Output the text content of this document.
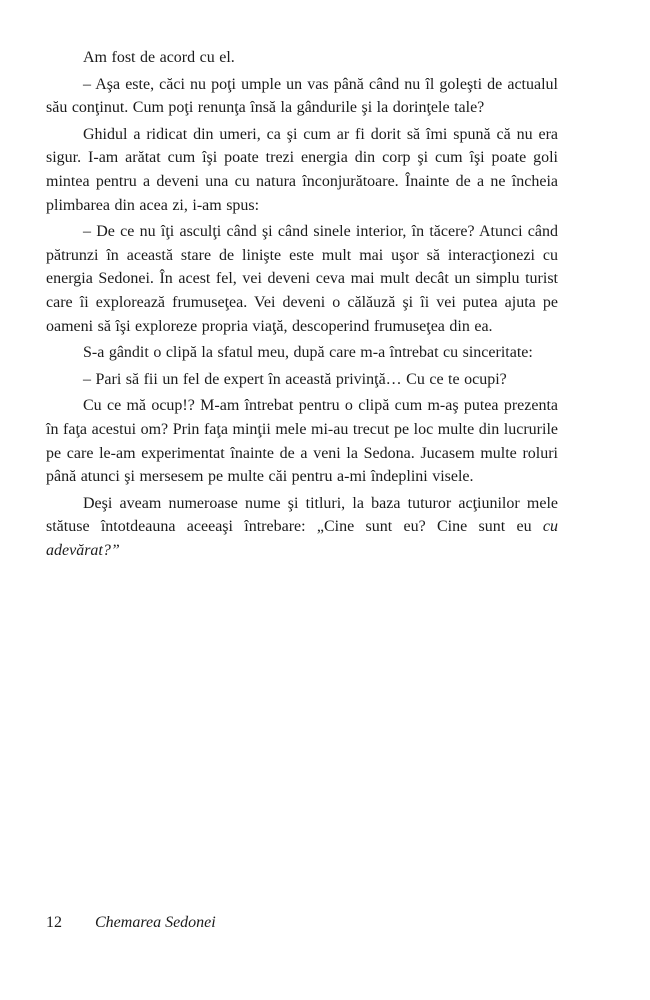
Am fost de acord cu el.

– Aşa este, căci nu poţi umple un vas până când nu îl goleşti de actualul său conţinut. Cum poţi renunţa însă la gândurile şi la dorinţele tale?

Ghidul a ridicat din umeri, ca şi cum ar fi dorit să îmi spună că nu era sigur. I-am arătat cum îşi poate trezi energia din corp şi cum îşi poate goli mintea pentru a deveni una cu natura înconjurătoare. Înainte de a ne încheia plimbarea din acea zi, i-am spus:

– De ce nu îţi asculţi când şi când sinele interior, în tăcere? Atunci când pătrunzi în această stare de linişte este mult mai uşor să interacţionezi cu energia Sedonei. În acest fel, vei deveni ceva mai mult decât un simplu turist care îi explorează frumuseţea. Vei deveni o călăuză şi îi vei putea ajuta pe oameni să îşi exploreze propria viaţă, descoperind frumuseţea din ea.

S-a gândit o clipă la sfatul meu, după care m-a întrebat cu sinceritate:

– Pari să fii un fel de expert în această privinţă… Cu ce te ocupi?

Cu ce mă ocup!? M-am întrebat pentru o clipă cum m-aş putea prezenta în faţa acestui om? Prin faţa minţii mele mi-au trecut pe loc multe din lucrurile pe care le-am experimentat înainte de a veni la Sedona. Jucasem multe roluri până atunci şi mersesem pe multe căi pentru a-mi îndeplini visele.

Deşi aveam numeroase nume şi titluri, la baza tuturor acţiunilor mele stătuse întotdeauna aceeaşi întrebare: „Cine sunt eu? Cine sunt eu cu adevărat?”

12 Chemarea Sedonei
